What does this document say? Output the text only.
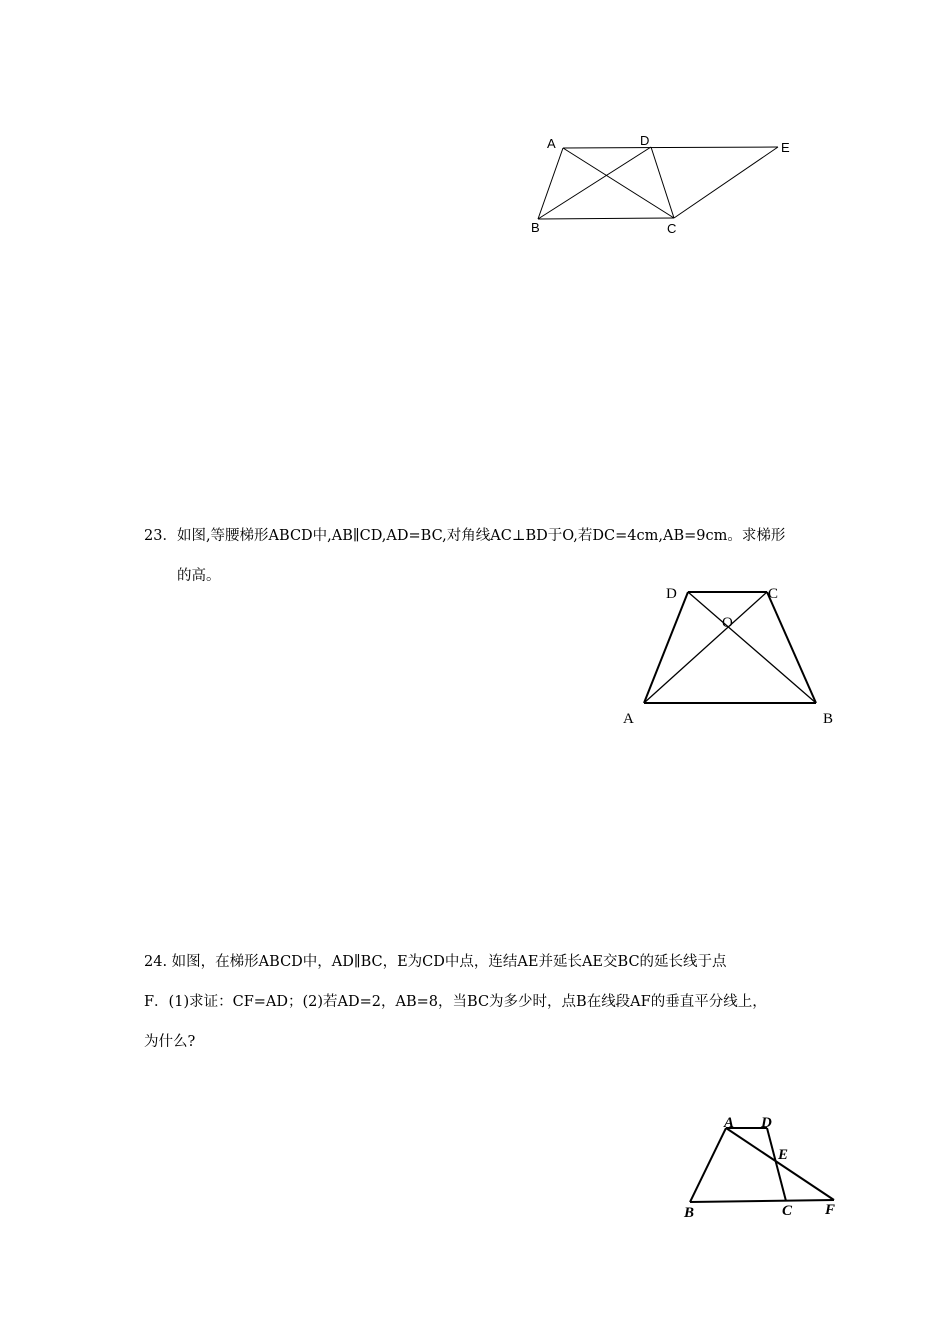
A	D	E
B	C
23．如图,等腰梯形ABCD中,AB∥CD,AD=BC,对角线AC⊥BD于O,若DC=4cm,AB=9cm。求梯形
的高。
D	C
O
A	B
24. 如图，在梯形ABCD中，AD∥BC，E为CD中点，连结AE并延长AE交BC的延长线于点
F．(1)求证：CF=AD；(2)若AD=2，AB=8，当BC为多少时，点B在线段AF的垂直平分线上，
为什么?
A D
E
B	C F
